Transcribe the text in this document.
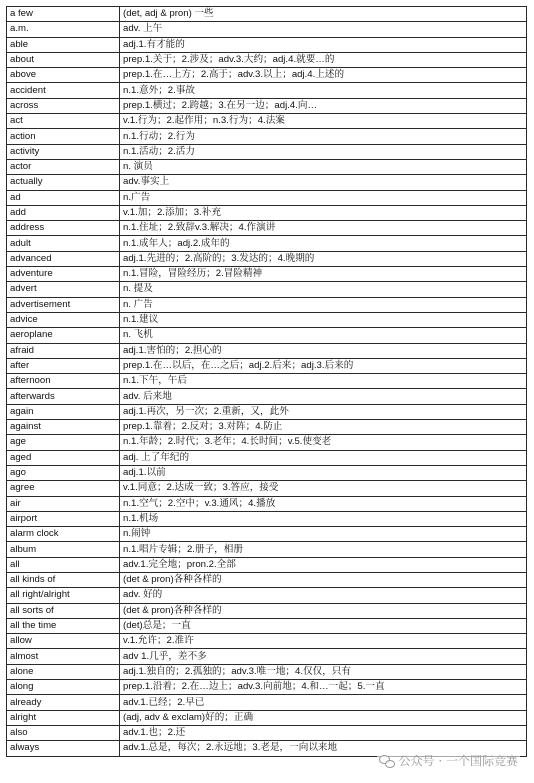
a few	(det, adj & pron) 一些
a.m.	adv. 上午
able	adj.1.有才能的
about	prep.1.关于；2.涉及；adv.3.大约；adj.4.就要…的
above	prep.1.在…上方；2.高于；adv.3.以上；adj.4.上述的
accident	n.1.意外；2.事故
across	prep.1.横过；2.跨越；3.在另一边；adj.4.向…
act	v.1.行为；2.起作用；n.3.行为；4.法案
action	n.1.行动；2.行为
activity	n.1.活动；2.活力
actor	n. 演员
actually	adv.事实上
ad	n.广告
add	v.1.加；2.添加；3.补充
address	n.1.住址；2.致辞v.3.解决；4.作演讲
adult	n.1.成年人；adj.2.成年的
advanced	adj.1.先进的；2.高阶的；3.发达的；4.晚期的
adventure	n.1.冒险，冒险经历；2.冒险精神
advert	n. 提及
advertisement	n. 广告
advice	n.1.建议
aeroplane	n. 飞机
afraid	adj.1.害怕的；2.担心的
after	prep.1.在…以后，在…之后；adj.2.后来；adj.3.后来的
afternoon	n.1.下午，午后
afterwards	adv. 后来地
again	adj.1.再次，另一次；2.重新，又，此外
against	prep.1.靠着；2.反对；3.对阵；4.防止
age	n.1.年龄；2.时代；3.老年；4.长时间；v.5.使变老
aged	adj. 上了年纪的
ago	adj.1.以前
agree	v.1.同意；2.达成一致；3.答应，接受
air	n.1.空气；2.空中；v.3.通风；4.播放
airport	n.1.机场
alarm clock	n.闹钟
album	n.1.唱片专辑；2.册子，相册
all	adv.1.完全地；pron.2.全部
all kinds of	(det & pron)各种各样的
all right/alright	adv. 好的
all sorts of	(det & pron)各种各样的
all the time	(det)总是；一直
allow	v.1.允许；2.准许
almost	adv 1.几乎，差不多
alone	adj.1.独自的；2.孤独的；adv.3.唯一地；4.仅仅，只有
along	prep.1.沿着；2.在…边上；adv.3.向前地；4.和…一起；5.一直
already	adv.1.已经；2.早已
alright	(adj, adv & exclam)好的；正确
also	adv.1.也；2.还
always	adv.1.总是，每次；2.永远地；3.老是，一向以来地
公众号 · 一个国际竞赛
